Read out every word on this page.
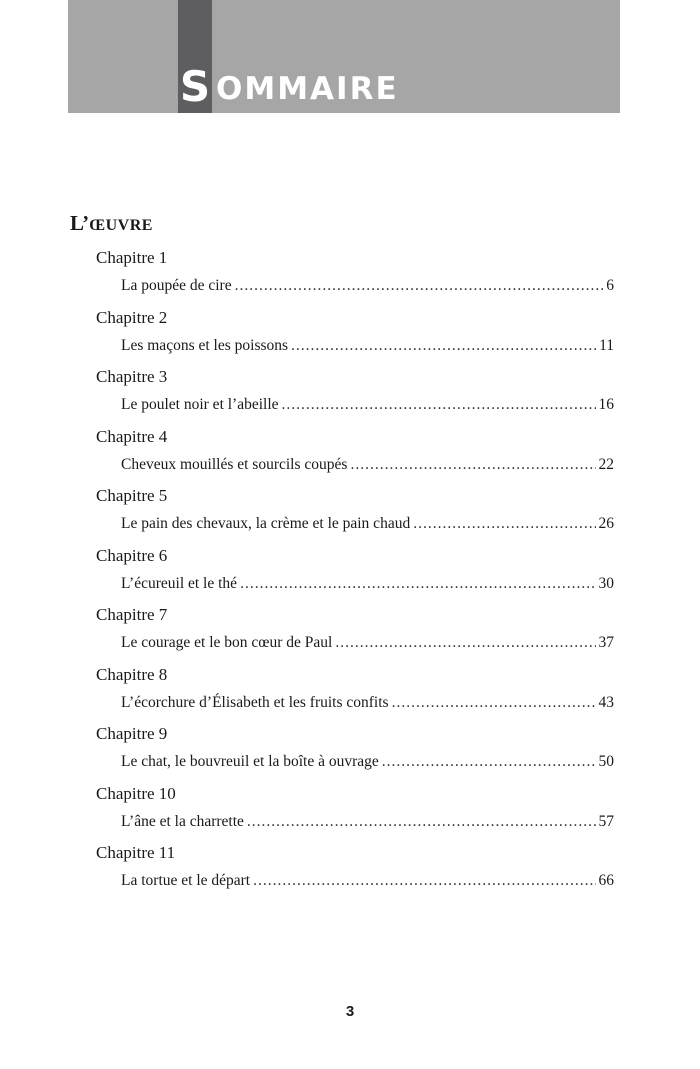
S OMMAIRE
L’ŒUVRE
Chapitre 1
La poupée de cire .....	6
Chapitre 2
Les maçons et les poissons .....	11
Chapitre 3
Le poulet noir et l’abeille .....	16
Chapitre 4
Cheveux mouillés et sourcils coupés .....	22
Chapitre 5
Le pain des chevaux, la crème et le pain chaud .....	26
Chapitre 6
L’écureuil et le thé .....	30
Chapitre 7
Le courage et le bon cœur de Paul .....	37
Chapitre 8
L’écorchure d’Élisabeth et les fruits confits .....	43
Chapitre 9
Le chat, le bouvreuil et la boîte à ouvrage .....	50
Chapitre 10
L’âne et la charrette .....	57
Chapitre 11
La tortue et le départ .....	66
3
